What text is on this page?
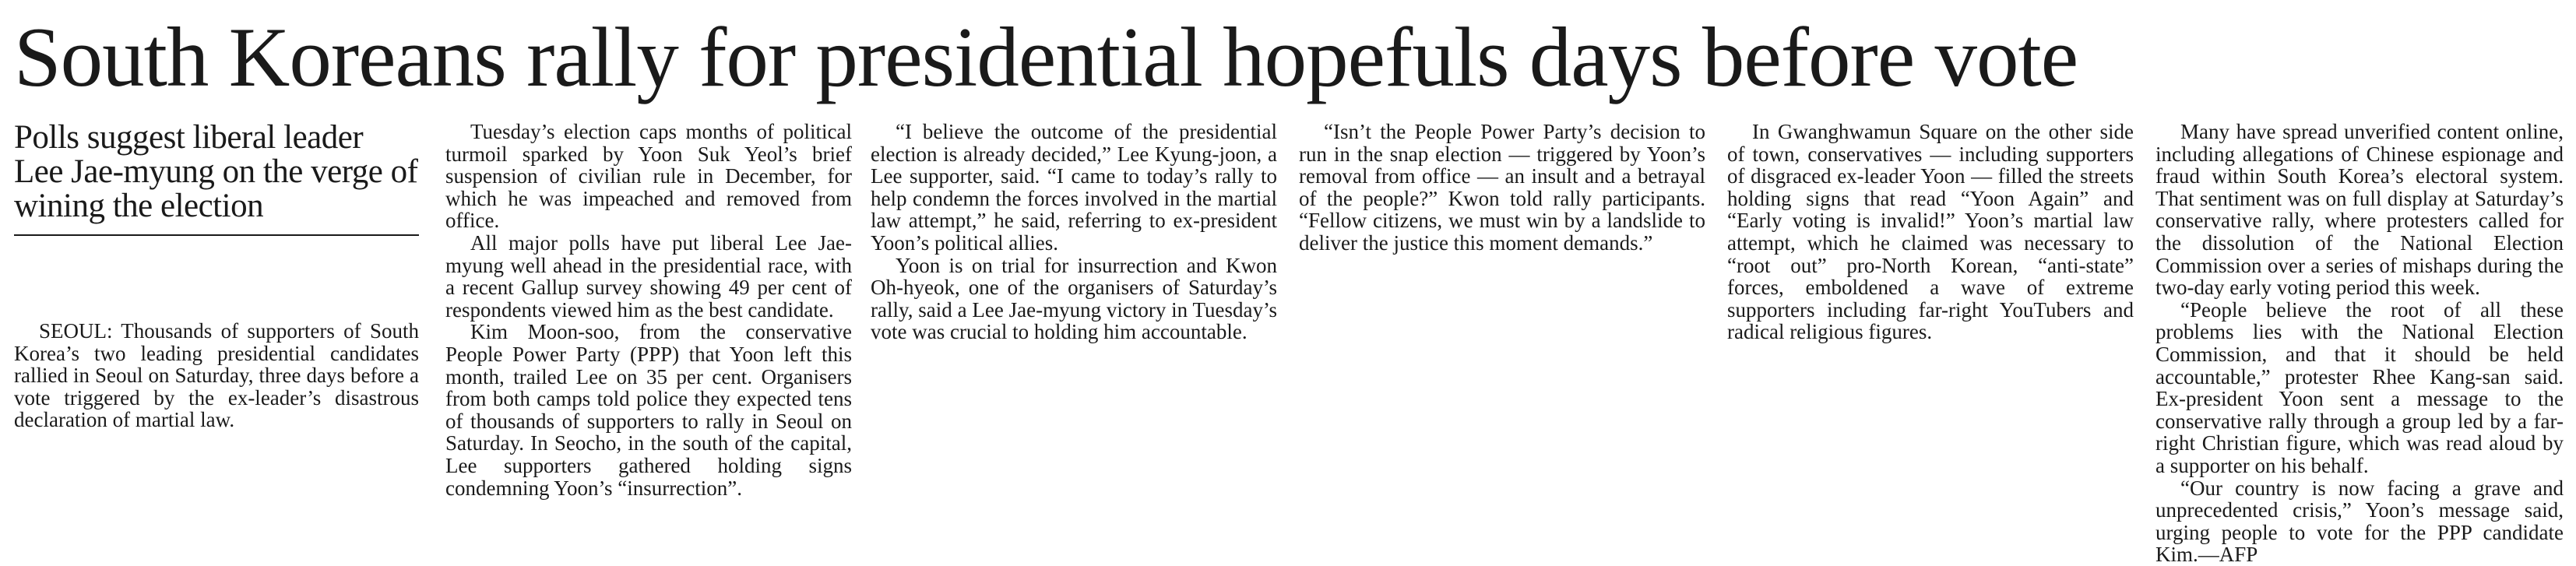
South Koreans rally for presidential hopefuls days before vote
Polls suggest liberal leader Lee Jae-myung on the verge of wining the election

SEOUL: Thousands of supporters of South Korea’s two leading presidential candidates rallied in Seoul on Saturday, three days before a vote triggered by the ex-leader’s disastrous declaration of martial law.

Tuesday’s election caps months of political turmoil sparked by Yoon Suk Yeol’s brief suspension of civilian rule in December, for which he was impeached and removed from office.

All major polls have put liberal Lee Jae-myung well ahead in the presidential race, with a recent Gallup survey showing 49 per cent of respondents viewed him as the best candidate.

Kim Moon-soo, from the conservative People Power Party (PPP) that Yoon left this month, trailed Lee on 35 per cent. Organisers from both camps told police they expected tens of thousands of supporters to rally in Seoul on Saturday. In Seocho, in the south of the capital, Lee supporters gathered holding signs condemning Yoon’s “insurrection”.

“I believe the outcome of the presidential election is already decided,” Lee Kyung-joon, a Lee supporter, said. “I came to today’s rally to help condemn the forces involved in the martial law attempt,” he said, referring to ex-president Yoon’s political allies.

Yoon is on trial for insurrection and Kwon Oh-hyeok, one of the organisers of Saturday’s rally, said a Lee Jae-myung victory in Tuesday’s vote was crucial to holding him accountable.

“Isn’t the People Power Party’s decision to run in the snap election — triggered by Yoon’s removal from office — an insult and a betrayal of the people?” Kwon told rally participants. “Fellow citizens, we must win by a landslide to deliver the justice this moment demands.”

In Gwanghwamun Square on the other side of town, conservatives — including supporters of disgraced ex-leader Yoon — filled the streets holding signs that read “Yoon Again” and “Early voting is invalid!” Yoon’s martial law attempt, which he claimed was necessary to “root out” pro-North Korean, “anti-state” forces, emboldened a wave of extreme supporters including far-right YouTubers and radical religious figures.

Many have spread unverified content online, including allegations of Chinese espionage and fraud within South Korea’s electoral system. That sentiment was on full display at Saturday’s conservative rally, where protesters called for the dissolution of the National Election Commission over a series of mishaps during the two-day early voting period this week.

“People believe the root of all these problems lies with the National Election Commission, and that it should be held accountable,” protester Rhee Kang-san said. Ex-president Yoon sent a message to the conservative rally through a group led by a far-right Christian figure, which was read aloud by a supporter on his behalf.

“Our country is now facing a grave and unprecedented crisis,” Yoon’s message said, urging people to vote for the PPP candidate Kim.—AFP
